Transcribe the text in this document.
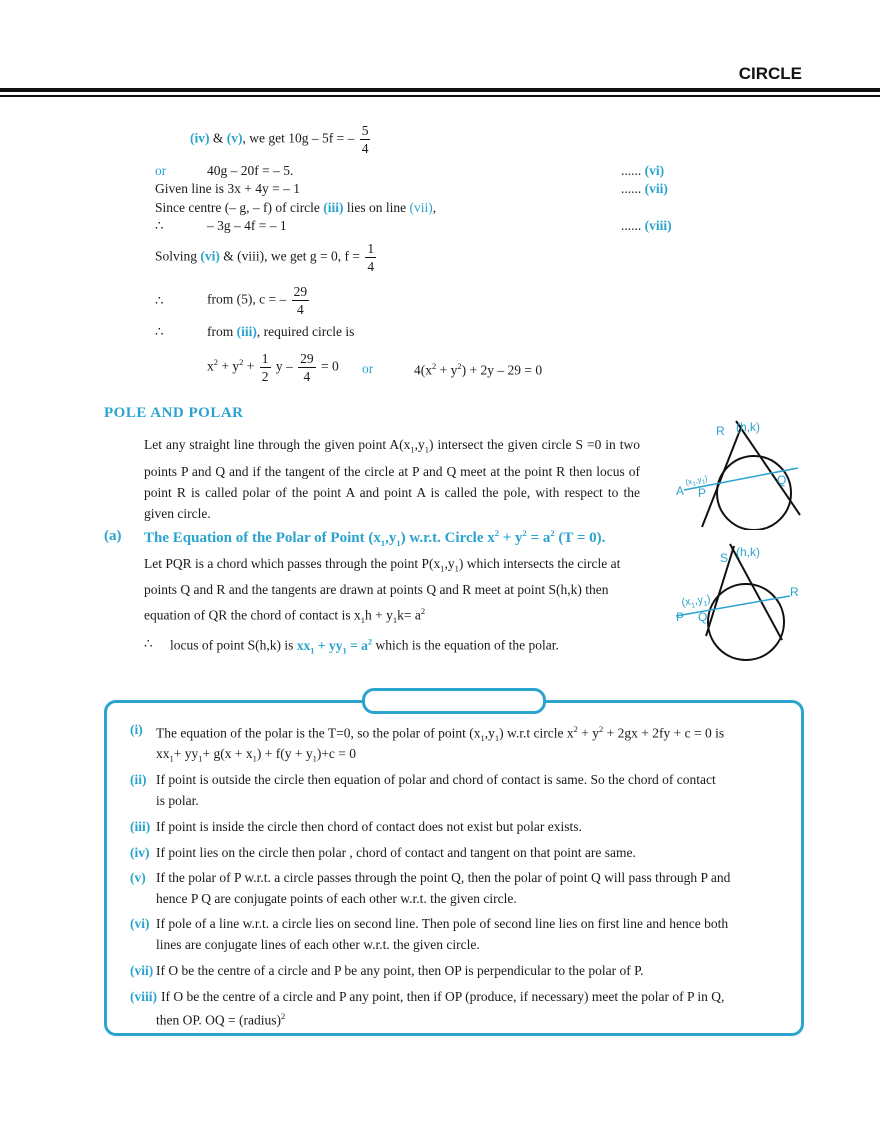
CIRCLE
(iv) & (v), we get 10g – 5f = – $\frac{5}{4}$
or	40g – 20f = – 5.	...... (vi)
Given line is 3x + 4y = – 1	...... (vii)
Since centre (– g, – f) of circle (iii) lies on line (vii),
∴	– 3g – 4f = – 1	...... (viii)
Solving (vi) & (viii), we get g = 0, $f = \frac{1}{4}$
∴	from (5), c = – $\frac{29}{4}$
∴	from (iii), required circle is
$x^2 + y^2 + \frac{1}{2}$ $y - \frac{29}{4} = 0$ or	$4(x^2 + y^2) + 2y - 29 = 0$
POLE AND POLAR
Let any straight line through the given point $A(x_1,y_1)$ intersect the given circle S =0 in two points P and Q and if the tangent of the circle at P and Q meet at the point R then locus of point R is called polar of the point A and point A is called the pole, with respect to the given circle.
R (h,k)
A P
Q
$(x_1,y_1)$
(a) The Equation of the Polar of Point $(x_1,y_1)$ w.r.t. Circle $x^2 + y^2 = a^2$ (T = 0).
Let PQR is a chord which passes through the point $P(x_1,y_1)$ which intersects the circle at
points Q and R and the tangents are drawn at points Q and R meet at point S(h,k) then
equation of QR the chord of contact is $x_1h + y_1k= a^2$
∴ locus of point S(h,k) is $xx_1 + yy_1 = a^2$ which is the equation of the polar.
S (h,k)
P Q
R
$(x_1,y_1)$
(i) The equation of the polar is the T=0, so the polar of point $(x_1,y_1)$ w.r.t circle $x^2 + y^2 + 2gx + 2fy + c = 0$ is
$xx_1+ yy_1+ g(x + x_1) + f(y + y_1)+c = 0$
(ii) If point is outside the circle then equation of polar and chord of contact is same. So the chord of contact
is polar.
(iii) If point is inside the circle then chord of contact does not exist but polar exists.
(iv) If point lies on the circle then polar , chord of contact and tangent on that point are same.
(v) If the polar of P w.r.t. a circle passes through the point Q, then the polar of point Q will pass through P and
hence P Q are conjugate points of each other w.r.t. the given circle.
(vi) If pole of a line w.r.t. a circle lies on second line. Then pole of second line lies on first line and hence both
lines are conjugate lines of each other w.r.t. the given circle.
(vii) If O be the centre of a circle and P be any point, then OP is perpendicular to the polar of P.
(viii) If O be the centre of a circle and P any point, then if OP (produce, if necessary) meet the polar of P in Q,
then OP. OQ = (radius)$^2$
